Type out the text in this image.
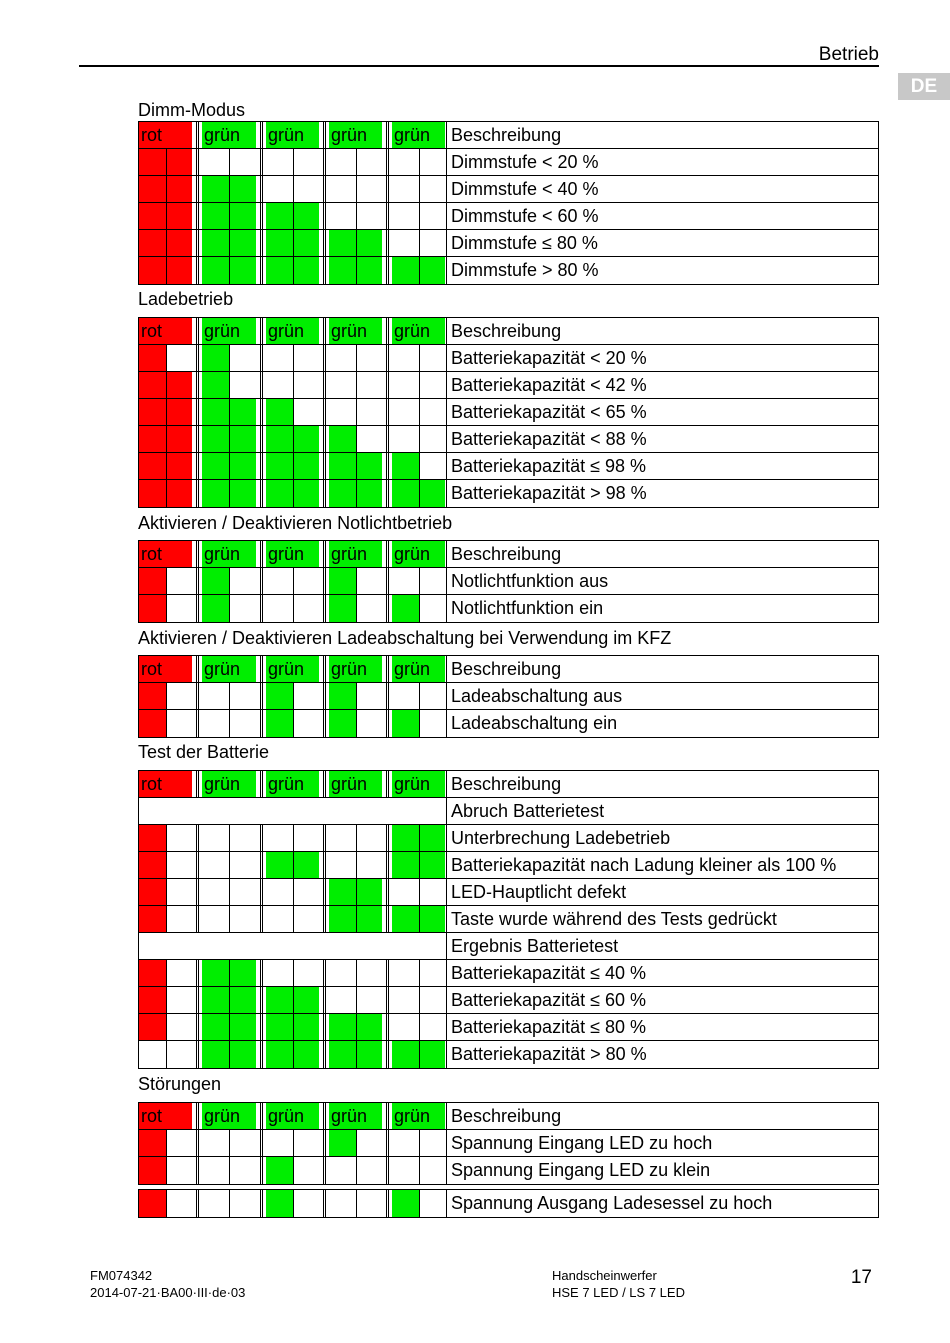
Betrieb
DE
Dimm-Modus
rot grün grün grün grün Beschreibung
Dimmstufe < 20 %
Dimmstufe < 40 %
Dimmstufe < 60 %
Dimmstufe ≤ 80 %
Dimmstufe > 80 %
Ladebetrieb
rot grün grün grün grün Beschreibung
Batteriekapazität < 20 %
Batteriekapazität < 42 %
Batteriekapazität < 65 %
Batteriekapazität < 88 %
Batteriekapazität ≤ 98 %
Batteriekapazität > 98 %
Aktivieren / Deaktivieren Notlichtbetrieb
rot grün grün grün grün Beschreibung
Notlichtfunktion aus
Notlichtfunktion ein
Aktivieren / Deaktivieren Ladeabschaltung bei Verwendung im KFZ
rot grün grün grün grün Beschreibung
Ladeabschaltung aus
Ladeabschaltung ein
Test der Batterie
rot grün grün grün grün Beschreibung
Abruch Batterietest
Unterbrechung Ladebetrieb
Batteriekapazität nach Ladung kleiner als 100 %
LED-Hauptlicht defekt
Taste wurde während des Tests gedrückt
Ergebnis Batterietest
Batteriekapazität ≤ 40 %
Batteriekapazität ≤ 60 %
Batteriekapazität ≤ 80 %
Batteriekapazität > 80 %
Störungen
rot grün grün grün grün Beschreibung
Spannung Eingang LED zu hoch
Spannung Eingang LED zu klein
Spannung Ausgang Ladesessel zu hoch
FM074342
2014-07-21·BA00·III·de·03
Handscheinwerfer
HSE 7 LED / LS 7 LED
17
